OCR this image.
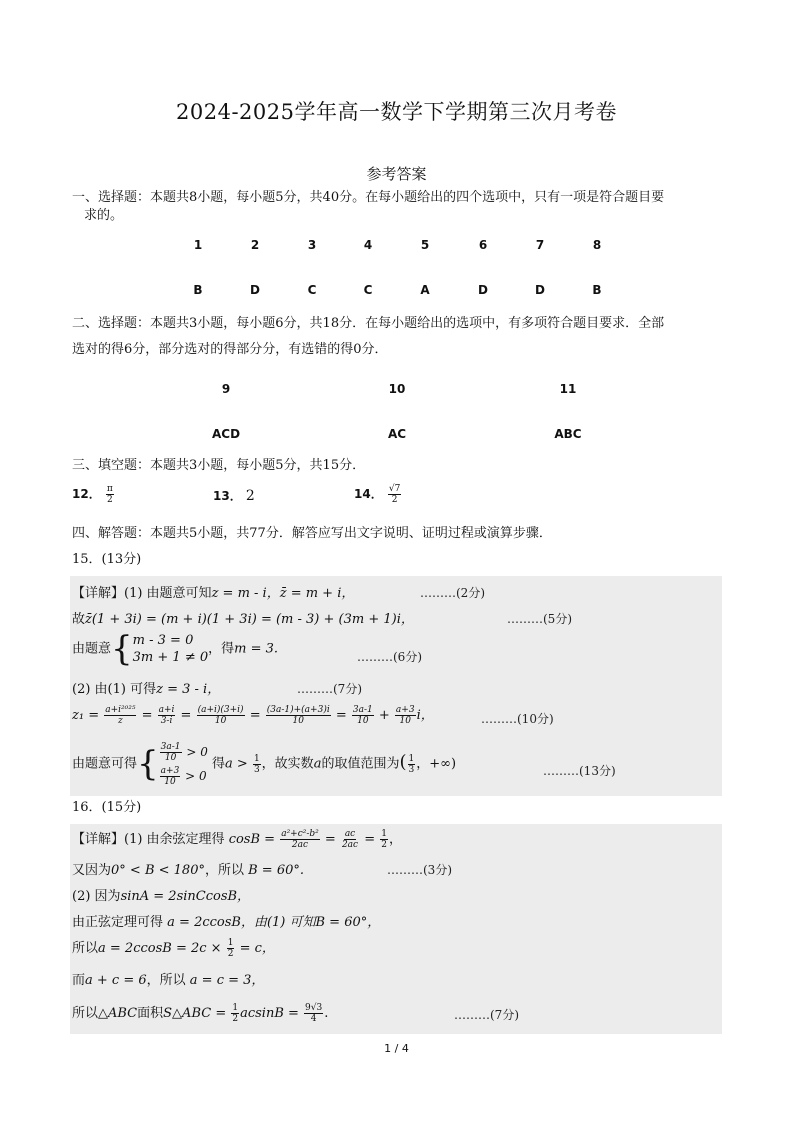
2024-2025学年高一数学下学期第三次月考卷
参考答案
一、选择题：本题共8小题，每小题5分，共40分。在每小题给出的四个选项中，只有一项是符合题目要
求的。
1	2	3	4	5	6	7	8
B	D	C	C	A	D	D	B
二、选择题：本题共3小题，每小题6分，共18分．在每小题给出的选项中，有多项符合题目要求．全部
选对的得6分，部分选对的得部分分，有选错的得0分．
9	10	11
ACD	AC	ABC
三、填空题：本题共3小题，每小题5分，共15分．
12． $\frac{\pi}{2}$	13． 2	14． $\frac{√7}{2}$
四、解答题：本题共5小题，共77分．解答应写出文字说明、证明过程或演算步骤．
15．(13分)
【详解】(1) 由题意可知z = m - i，z̄ = m + i，	………(2分)
故z̄(1 + 3i) = (m + i)(1 + 3i) = (m - 3) + (3m + 1)i，	………(5分)
由题意{ m - 3 = 0
3m + 1 ≠ 0
，得m = 3.
………(6分)
(2) 由(1) 可得z = 3 - i，	………(7分)
$z_1 = \frac{\text{a+i²⁰²⁵}}{z} = \frac{a+i}{3-i} = \frac{(a+i)(3+i)}{10} = \frac{(3a-1)+(a+3)i}{10} = \frac{3a-1}{10} + \frac{a+3}{10}$ i，	………(10分)
由题意可得{ $\frac{3a-1}{10} > 0$
$\frac{a+3}{10} > 0$
得$a > \frac{1}{3}$ ，故实数a的取值范围为( $\frac{1}{3}$ ，+∞)	………(13分)
16．(15分)
【详解】(1) 由余弦定理得 $\cos B = \frac{\text{a²+c²-b²}}{2ac} = \frac{ac}{2ac} = \frac{1}{2}$ ，
又因为0° < B < 180°，所以 B = 60°.	………(3分)
(2) 因为sinA = 2sinCcosB，
由正弦定理可得 a = 2ccosB，由(1) 可知B = 60°，
所以$a = 2ccosB = 2c \times \frac{1}{2} = c$，
而a + c = 6，所以 a = c = 3，
所以△ABC面积S△ABC = $\frac{1}{2}$ $acsinB = \frac{9√3}{4}$ .	………(7分)
1 / 4
